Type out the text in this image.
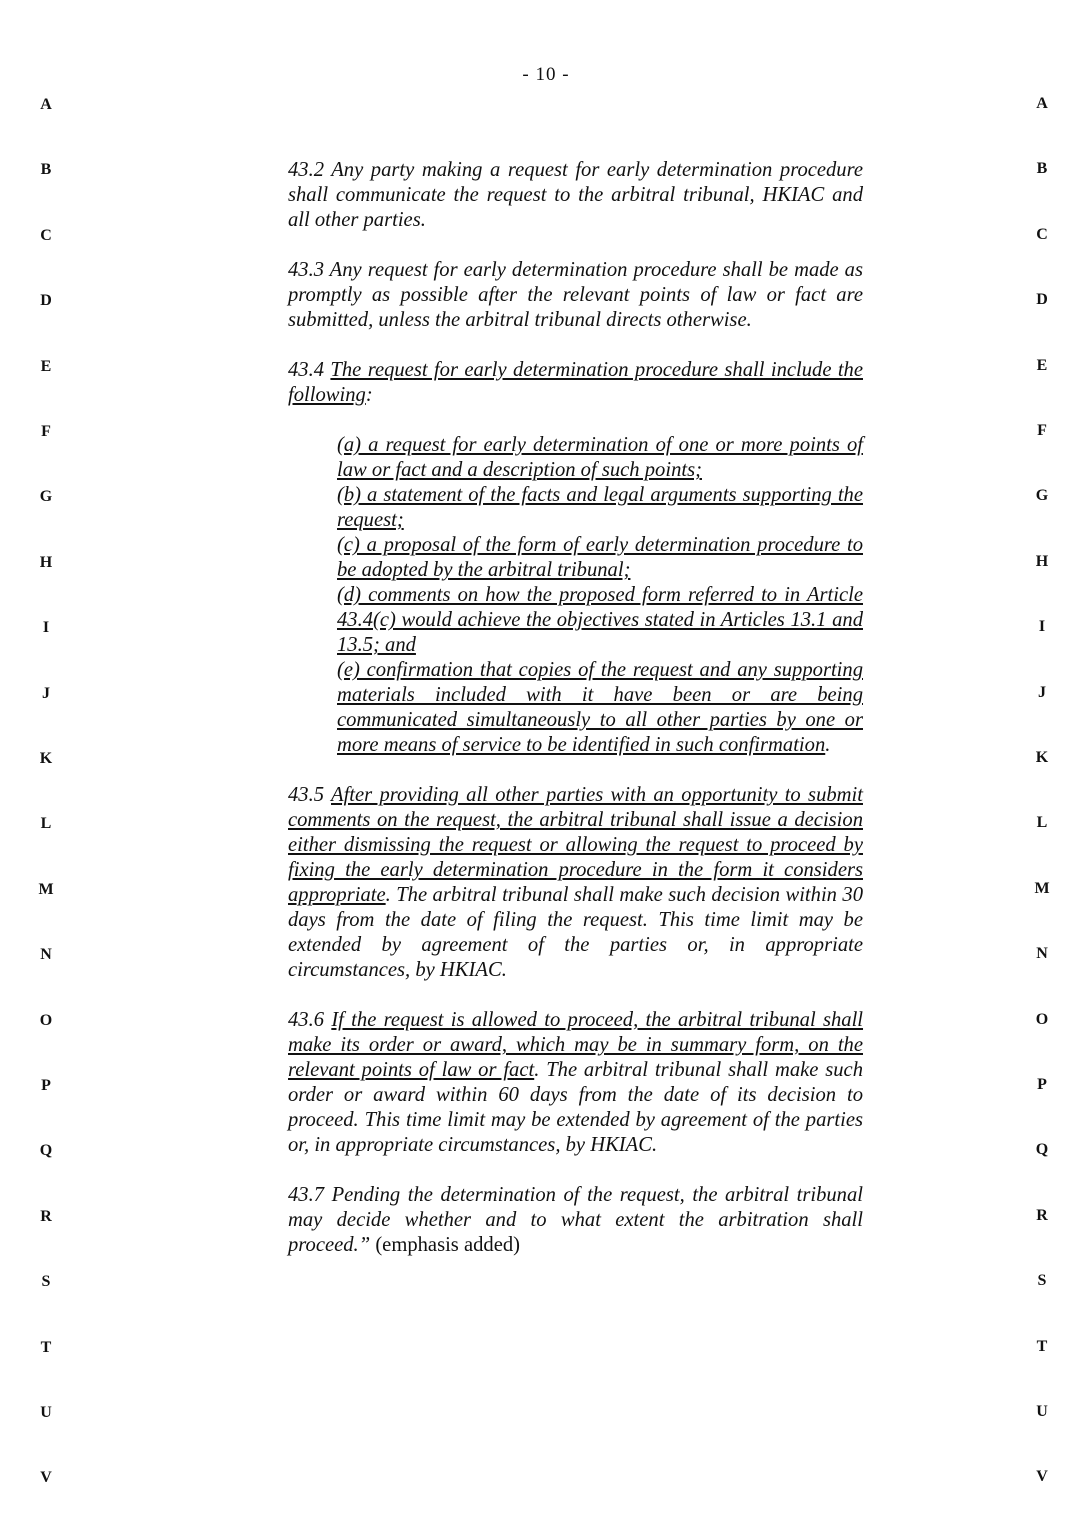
- 10 -
A
B
C
D
E
F
G
H
I
J
K
L
M
N
O
P
Q
R
S
T
U
V
A
B
C
D
E
F
G
H
I
J
K
L
M
N
O
P
Q
R
S
T
U
V

43.2 Any party making a request for early determination procedure shall communicate the request to the arbitral tribunal, HKIAC and all other parties.

43.3 Any request for early determination procedure shall be made as promptly as possible after the relevant points of law or fact are submitted, unless the arbitral tribunal directs otherwise.

43.4 The request for early determination procedure shall include the following:

(a) a request for early determination of one or more points of law or fact and a description of such points;
(b) a statement of the facts and legal arguments supporting the request;
(c) a proposal of the form of early determination procedure to be adopted by the arbitral tribunal;
(d) comments on how the proposed form referred to in Article 43.4(c) would achieve the objectives stated in Articles 13.1 and 13.5; and
(e) confirmation that copies of the request and any supporting materials included with it have been or are being communicated simultaneously to all other parties by one or more means of service to be identified in such confirmation.

43.5 After providing all other parties with an opportunity to submit comments on the request, the arbitral tribunal shall issue a decision either dismissing the request or allowing the request to proceed by fixing the early determination procedure in the form it considers appropriate. The arbitral tribunal shall make such decision within 30 days from the date of filing the request. This time limit may be extended by agreement of the parties or, in appropriate circumstances, by HKIAC.

43.6 If the request is allowed to proceed, the arbitral tribunal shall make its order or award, which may be in summary form, on the relevant points of law or fact. The arbitral tribunal shall make such order or award within 60 days from the date of its decision to proceed. This time limit may be extended by agreement of the parties or, in appropriate circumstances, by HKIAC.

43.7 Pending the determination of the request, the arbitral tribunal may decide whether and to what extent the arbitration shall proceed.” (emphasis added)
